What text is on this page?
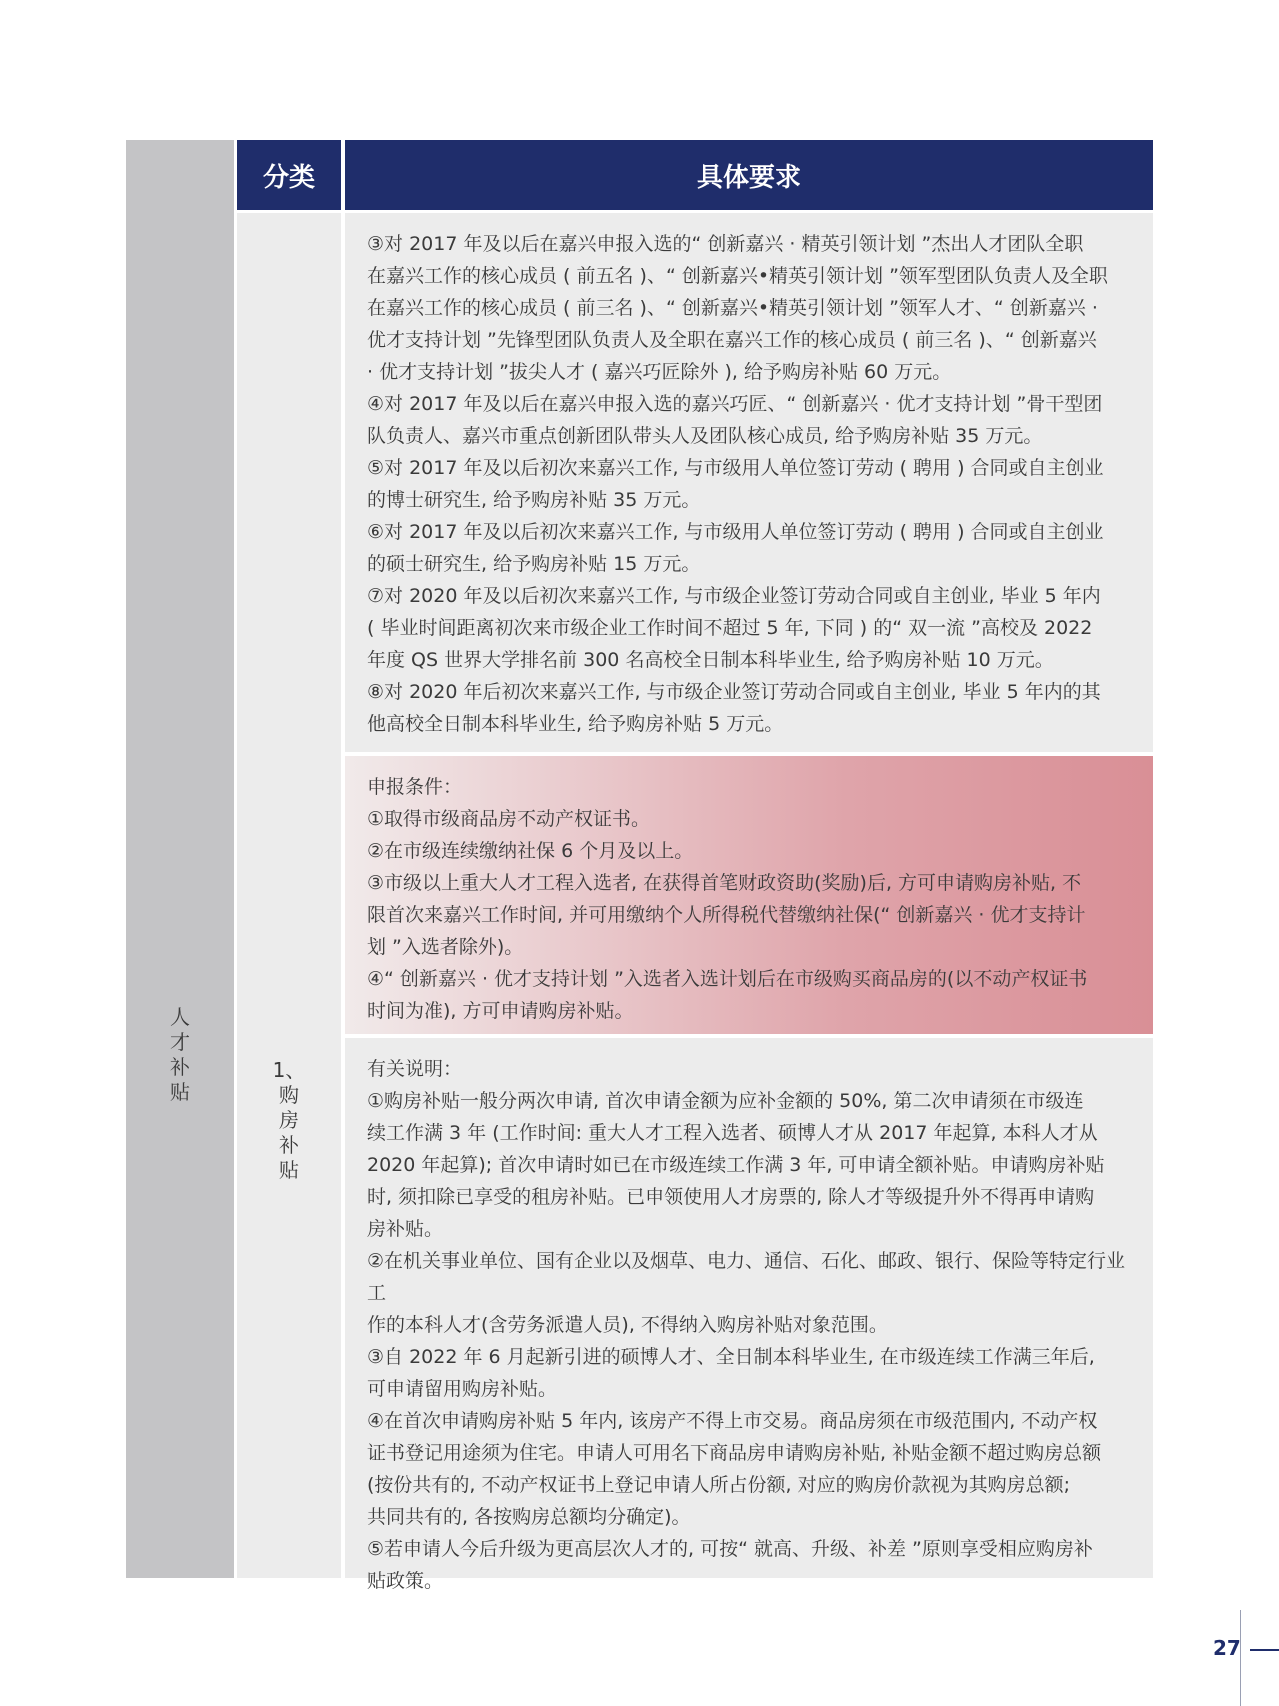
人
才
补
贴
分类	具体要求
1、
购
房
补
贴

③对 2017 年及以后在嘉兴申报入选的“ 创新嘉兴 · 精英引领计划 ”杰出人才团队全职

在嘉兴工作的核心成员 ( 前五名 )、“ 创新嘉兴•精英引领计划 ”领军型团队负责人及全职

在嘉兴工作的核心成员 ( 前三名 )、“ 创新嘉兴•精英引领计划 ”领军人才、“ 创新嘉兴 ·

优才支持计划 ”先锋型团队负责人及全职在嘉兴工作的核心成员 ( 前三名 )、“ 创新嘉兴

· 优才支持计划 ”拔尖人才 ( 嘉兴巧匠除外 ), 给予购房补贴 60 万元。

④对 2017 年及以后在嘉兴申报入选的嘉兴巧匠、“ 创新嘉兴 · 优才支持计划 ”骨干型团

队负责人、嘉兴市重点创新团队带头人及团队核心成员, 给予购房补贴 35 万元。

⑤对 2017 年及以后初次来嘉兴工作, 与市级用人单位签订劳动 ( 聘用 ) 合同或自主创业

的博士研究生, 给予购房补贴 35 万元。

⑥对 2017 年及以后初次来嘉兴工作, 与市级用人单位签订劳动 ( 聘用 ) 合同或自主创业

的硕士研究生, 给予购房补贴 15 万元。

⑦对 2020 年及以后初次来嘉兴工作, 与市级企业签订劳动合同或自主创业, 毕业 5 年内

( 毕业时间距离初次来市级企业工作时间不超过 5 年, 下同 ) 的“ 双一流 ”高校及 2022

年度 QS 世界大学排名前 300 名高校全日制本科毕业生, 给予购房补贴 10 万元。

⑧对 2020 年后初次来嘉兴工作, 与市级企业签订劳动合同或自主创业, 毕业 5 年内的其

他高校全日制本科毕业生, 给予购房补贴 5 万元。

申报条件：

①取得市级商品房不动产权证书。

②在市级连续缴纳社保 6 个月及以上。

③市级以上重大人才工程入选者, 在获得首笔财政资助(奖励)后, 方可申请购房补贴, 不

限首次来嘉兴工作时间, 并可用缴纳个人所得税代替缴纳社保(“ 创新嘉兴 · 优才支持计

划 ”入选者除外)。

④“ 创新嘉兴 · 优才支持计划 ”入选者入选计划后在市级购买商品房的(以不动产权证书

时间为准), 方可申请购房补贴。

有关说明：

①购房补贴一般分两次申请, 首次申请金额为应补金额的 50%, 第二次申请须在市级连

续工作满 3 年 (工作时间: 重大人才工程入选者、硕博人才从 2017 年起算, 本科人才从

2020 年起算); 首次申请时如已在市级连续工作满 3 年, 可申请全额补贴。申请购房补贴

时, 须扣除已享受的租房补贴。已申领使用人才房票的, 除人才等级提升外不得再申请购

房补贴。

②在机关事业单位、国有企业以及烟草、电力、通信、石化、邮政、银行、保险等特定行业工

作的本科人才(含劳务派遣人员), 不得纳入购房补贴对象范围。

③自 2022 年 6 月起新引进的硕博人才、全日制本科毕业生, 在市级连续工作满三年后,

可申请留用购房补贴。

④在首次申请购房补贴 5 年内, 该房产不得上市交易。商品房须在市级范围内, 不动产权

证书登记用途须为住宅。申请人可用名下商品房申请购房补贴, 补贴金额不超过购房总额

(按份共有的, 不动产权证书上登记申请人所占份额, 对应的购房价款视为其购房总额;

共同共有的, 各按购房总额均分确定)。

⑤若申请人今后升级为更高层次人才的, 可按“ 就高、升级、补差 ”原则享受相应购房补

贴政策。

27
